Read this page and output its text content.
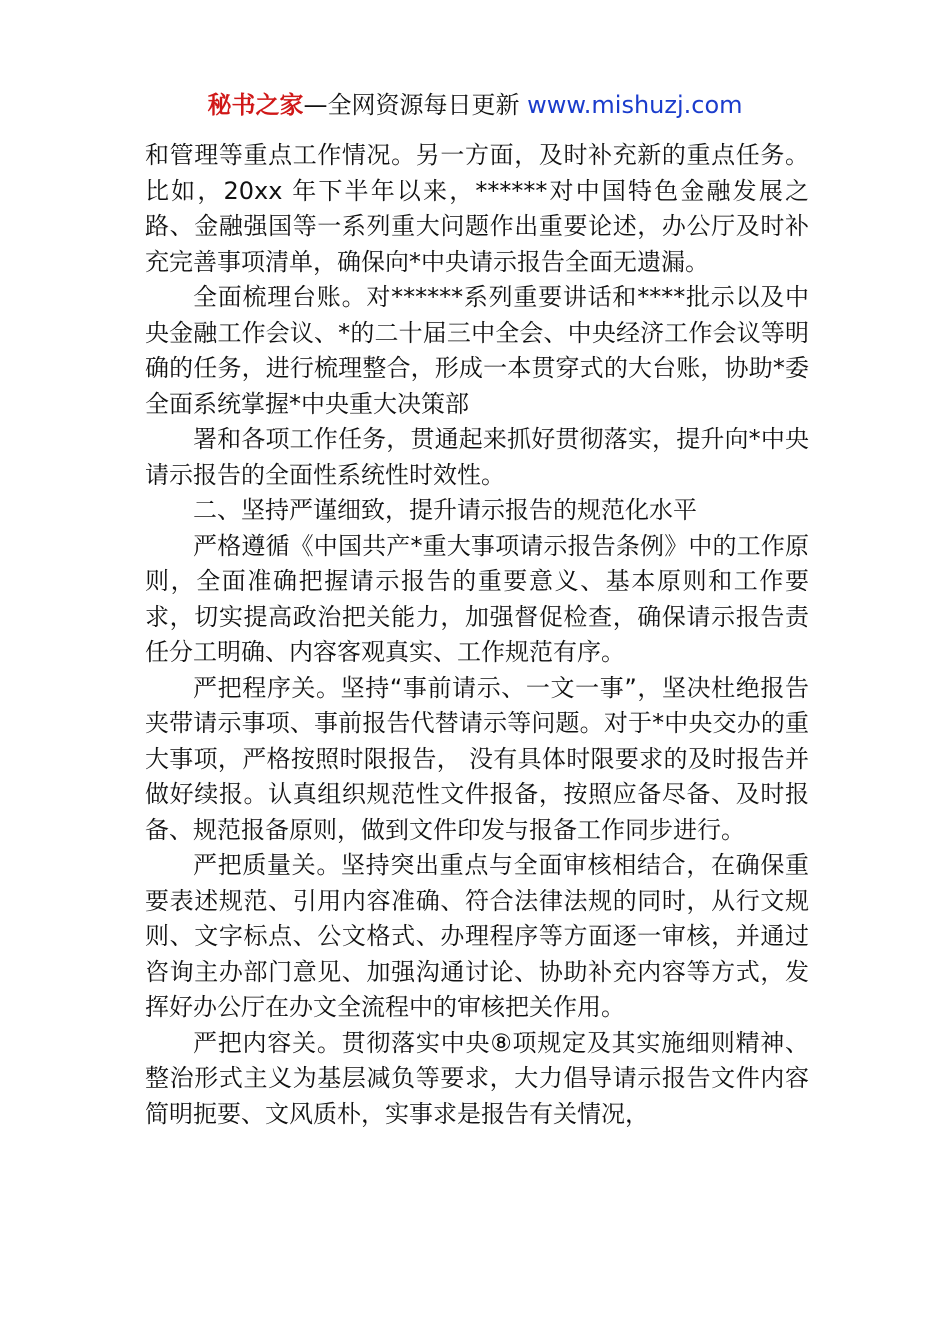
秘书之家—全网资源每日更新 www.mishuzj.com

和管理等重点工作情况。另一方面，及时补充新的重点任务。比如，20xx 年下半年以来，******对中国特色金融发展之路、金融强国等一系列重大问题作出重要论述，办公厅及时补充完善事项清单，确保向*中央请示报告全面无遗漏。

全面梳理台账。对******系列重要讲话和****批示以及中央金融工作会议、*的二十届三中全会、中央经济工作会议等明确的任务，进行梳理整合，形成一本贯穿式的大台账，协助*委全面系统掌握*中央重大决策部

署和各项工作任务，贯通起来抓好贯彻落实，提升向*中央请示报告的全面性系统性时效性。

二、坚持严谨细致，提升请示报告的规范化水平

严格遵循《中国共产*重大事项请示报告条例》中的工作原则，全面准确把握请示报告的重要意义、基本原则和工作要求，切实提高政治把关能力，加强督促检查，确保请示报告责任分工明确、内容客观真实、工作规范有序。

严把程序关。坚持“事前请示、一文一事”，坚决杜绝报告夹带请示事项、事前报告代替请示等问题。对于*中央交办的重大事项，严格按照时限报告， 没有具体时限要求的及时报告并做好续报。认真组织规范性文件报备，按照应备尽备、及时报备、规范报备原则，做到文件印发与报备工作同步进行。

严把质量关。坚持突出重点与全面审核相结合，在确保重要表述规范、引用内容准确、符合法律法规的同时，从行文规则、文字标点、公文格式、办理程序等方面逐一审核，并通过咨询主办部门意见、加强沟通讨论、协助补充内容等方式，发挥好办公厅在办文全流程中的审核把关作用。

严把内容关。贯彻落实中央⑧项规定及其实施细则精神、整治形式主义为基层减负等要求，大力倡导请示报告文件内容简明扼要、文风质朴，实事求是报告有关情况，
